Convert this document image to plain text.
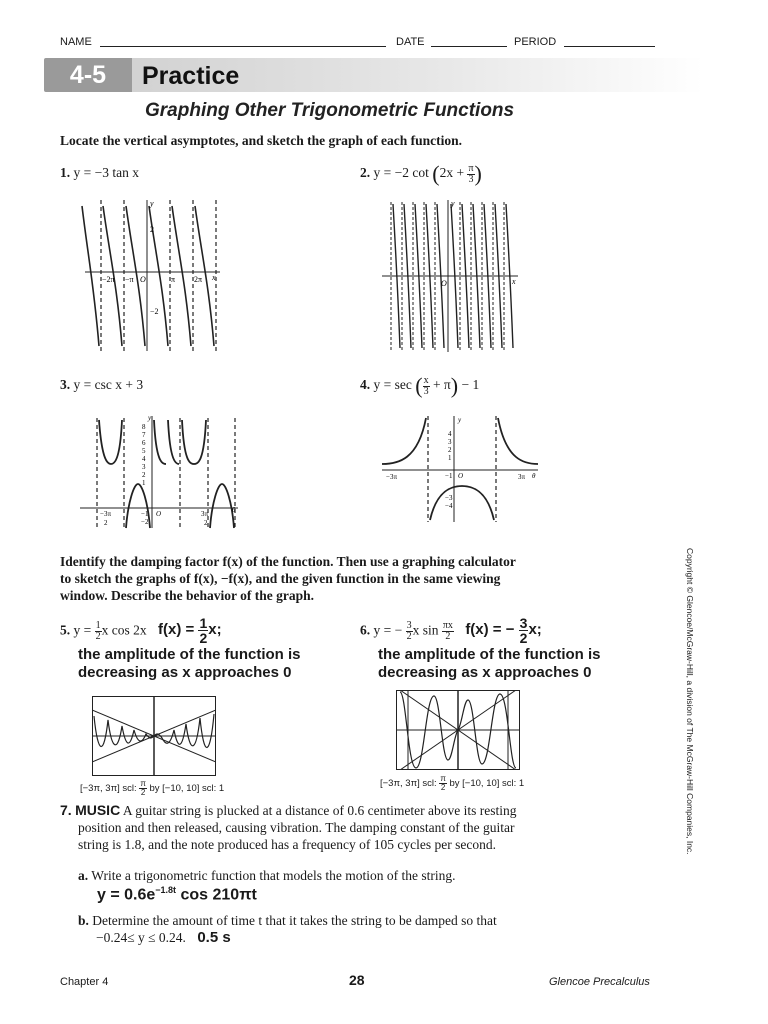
NAME	DATE	PERIOD
4-5	Practice
Graphing Other Trigonometric Functions
Locate the vertical asymptotes, and sketch the graph of each function.
1. y = −3 tan x	2. y = −2 $\cot (2x + \frac{\pi}{3}$ )
y
x
O
2
−2
−2π −π	π 2π
y
x
O
3. y = csc x + 3	4. y = sec ( $\frac{x}{3} + \pi) - 1$
y
θ
O
8
7
6
5
4
3
2
1
−1
−2
−3π
2
3π
2
y
θ
O
4
3
2
1
−1
−3
−4
−3π	3π
Identify the damping factor f(x) of the function. Then use a graphing calculator
to sketch the graphs of f(x), −f(x), and the given function in the same viewing
window. Describe the behavior of the graph.
5. $y = \frac{1}{2}$ x cos 2x $f(x) = \frac{1}{2} x$;
the amplitude of the function is
decreasing as x approaches 0
[−3π, 3π] scl: $\frac{\pi}{2}$ by [−10, 10] scl: 1
6. y = − $\frac{3}{2}$ x $\sin \frac{\pi x}{2} f(x)$ = − $\frac{3}{2} x$;
the amplitude of the function is
decreasing as x approaches 0
[−3π, 3π] scl: $\frac{\pi}{2}$ by [−10, 10] scl: 1
7. MUSIC A guitar string is plucked at a distance of 0.6 centimeter above its resting
position and then released, causing vibration. The damping constant of the guitar
string is 1.8, and the note produced has a frequency of 105 cycles per second.
a. Write a trigonometric function that models the motion of the string.
$y = 0.6e^{-1.8t}$ cos 210πt
b. Determine the amount of time t that it takes the string to be damped so that
−0.24≤ y ≤ 0.24. 0.5 s
Copyright © Glencoe/McGraw-Hill, a division of The McGraw-Hill Companies, Inc.
Chapter 4	28	Glencoe Precalculus
